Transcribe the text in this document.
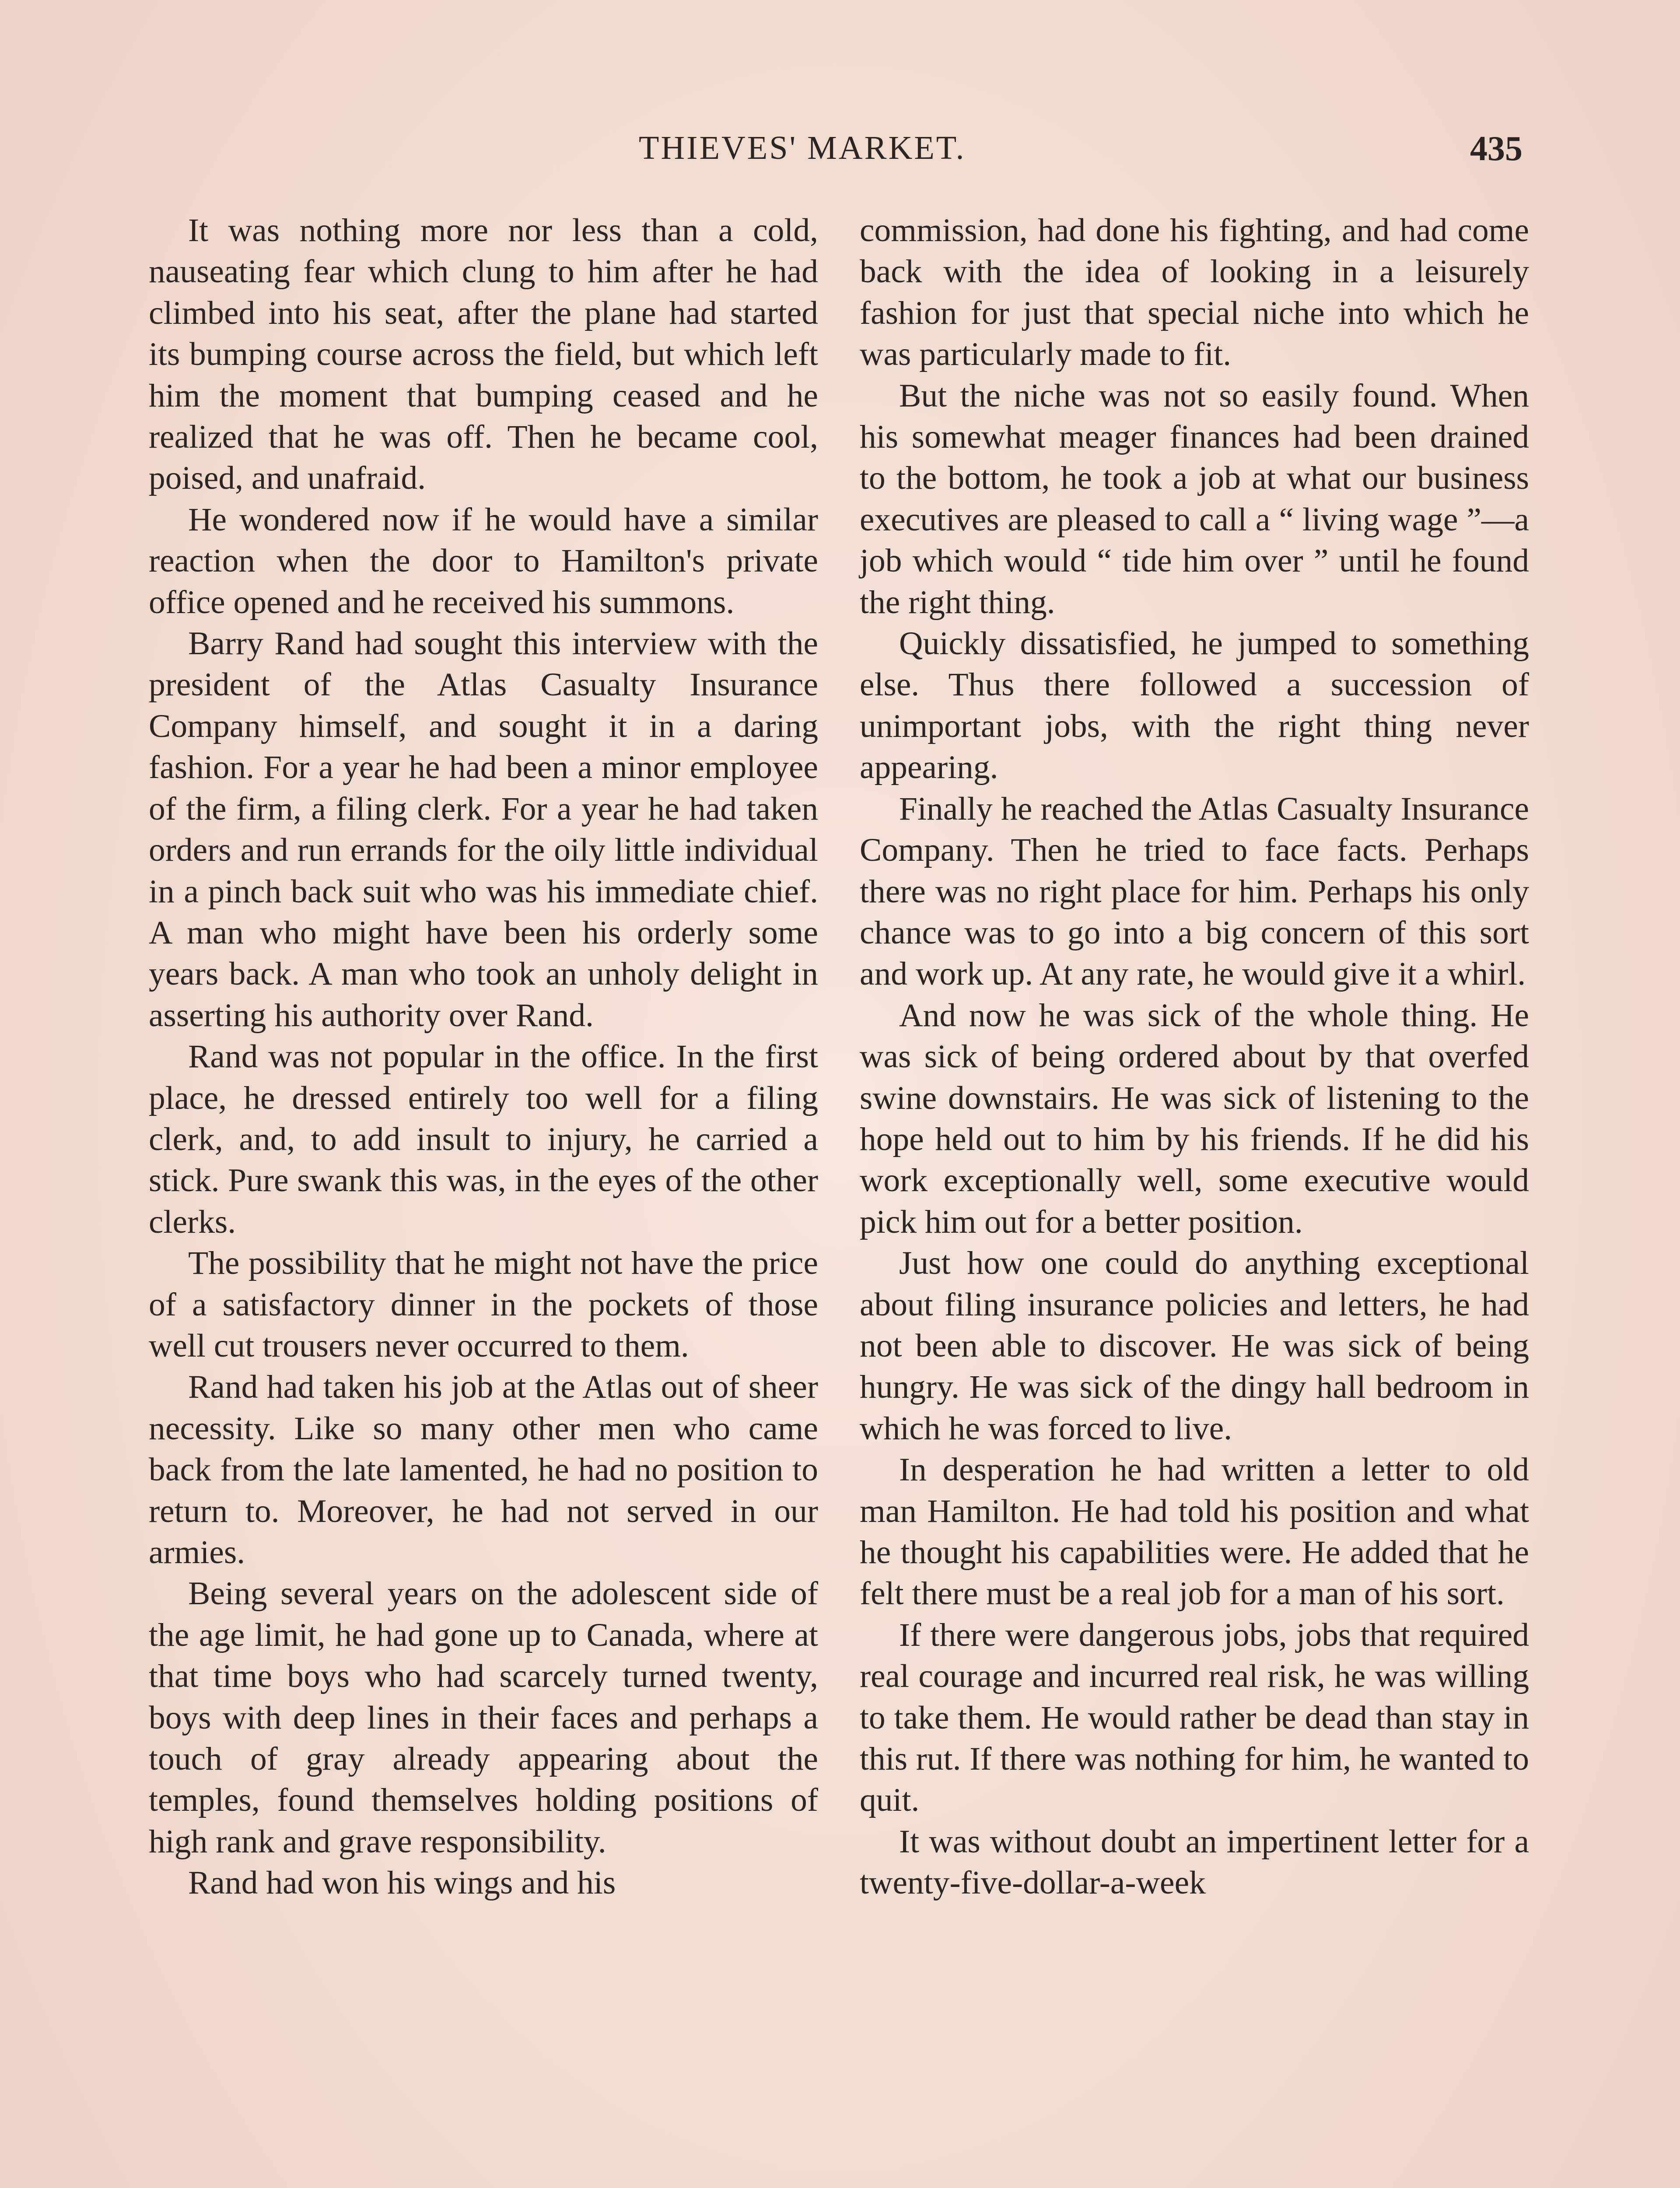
THIEVES' MARKET.	435

It was nothing more nor less than a cold, nauseating fear which clung to him after he had climbed into his seat, after the plane had started its bumping course across the field, but which left him the moment that bumping ceased and he realized that he was off. Then he became cool, poised, and unafraid.

He wondered now if he would have a similar reaction when the door to Hamilton's private office opened and he received his summons.

Barry Rand had sought this interview with the president of the Atlas Casualty Insurance Company himself, and sought it in a daring fashion. For a year he had been a minor employee of the firm, a filing clerk. For a year he had taken orders and run errands for the oily little individual in a pinch back suit who was his immediate chief. A man who might have been his orderly some years back. A man who took an unholy delight in asserting his authority over Rand.

Rand was not popular in the office. In the first place, he dressed entirely too well for a filing clerk, and, to add insult to injury, he carried a stick. Pure swank this was, in the eyes of the other clerks.

The possibility that he might not have the price of a satisfactory dinner in the pockets of those well cut trousers never occurred to them.

Rand had taken his job at the Atlas out of sheer necessity. Like so many other men who came back from the late lamented, he had no position to return to. Moreover, he had not served in our armies.

Being several years on the adolescent side of the age limit, he had gone up to Canada, where at that time boys who had scarcely turned twenty, boys with deep lines in their faces and perhaps a touch of gray already appearing about the temples, found themselves holding positions of high rank and grave responsibility.

Rand had won his wings and his

commission, had done his fighting, and had come back with the idea of looking in a leisurely fashion for just that special niche into which he was particularly made to fit.

But the niche was not so easily found. When his somewhat meager finances had been drained to the bottom, he took a job at what our business executives are pleased to call a “ living wage ”—a job which would “ tide him over ” until he found the right thing.

Quickly dissatisfied, he jumped to something else. Thus there followed a succession of unimportant jobs, with the right thing never appearing.

Finally he reached the Atlas Casualty Insurance Company. Then he tried to face facts. Perhaps there was no right place for him. Perhaps his only chance was to go into a big concern of this sort and work up. At any rate, he would give it a whirl.

And now he was sick of the whole thing. He was sick of being ordered about by that overfed swine downstairs. He was sick of listening to the hope held out to him by his friends. If he did his work exceptionally well, some executive would pick him out for a better position.

Just how one could do anything exceptional about filing insurance policies and letters, he had not been able to discover. He was sick of being hungry. He was sick of the dingy hall bedroom in which he was forced to live.

In desperation he had written a letter to old man Hamilton. He had told his position and what he thought his capabilities were. He added that he felt there must be a real job for a man of his sort.

If there were dangerous jobs, jobs that required real courage and incurred real risk, he was willing to take them. He would rather be dead than stay in this rut. If there was nothing for him, he wanted to quit.

It was without doubt an impertinent letter for a twenty-five-dollar-a-week
